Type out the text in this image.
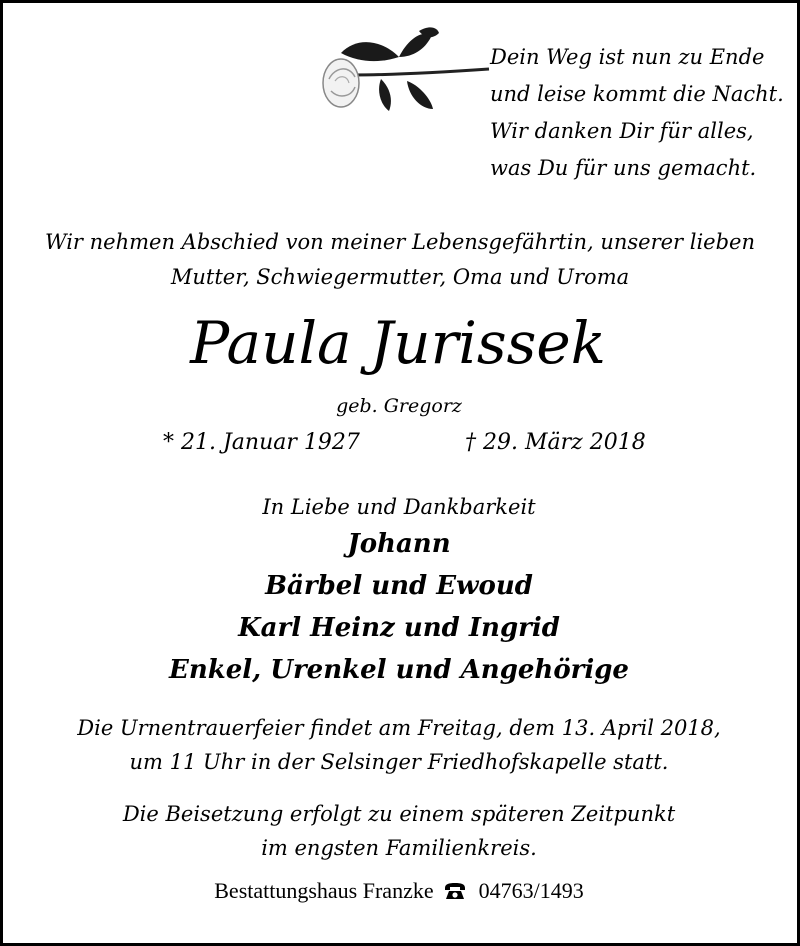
Dein Weg ist nun zu Ende
und leise kommt die Nacht.
Wir danken Dir für alles,
was Du für uns gemacht.
Wir nehmen Abschied von meiner Lebensgefährtin, unserer lieben
Mutter, Schwiegermutter, Oma und Uroma
Paula Jurissek
geb. Gregorz
* 21. Januar 1927	† 29. März 2018
In Liebe und Dankbarkeit
Johann
Bärbel und Ewoud
Karl Heinz und Ingrid
Enkel, Urenkel und Angehörige
Die Urnentrauerfeier findet am Freitag, dem 13. April 2018,
um 11 Uhr in der Selsinger Friedhofskapelle statt.
Die Beisetzung erfolgt zu einem späteren Zeitpunkt
im engsten Familienkreis.
Bestattungshaus Franzke 04763/1493
